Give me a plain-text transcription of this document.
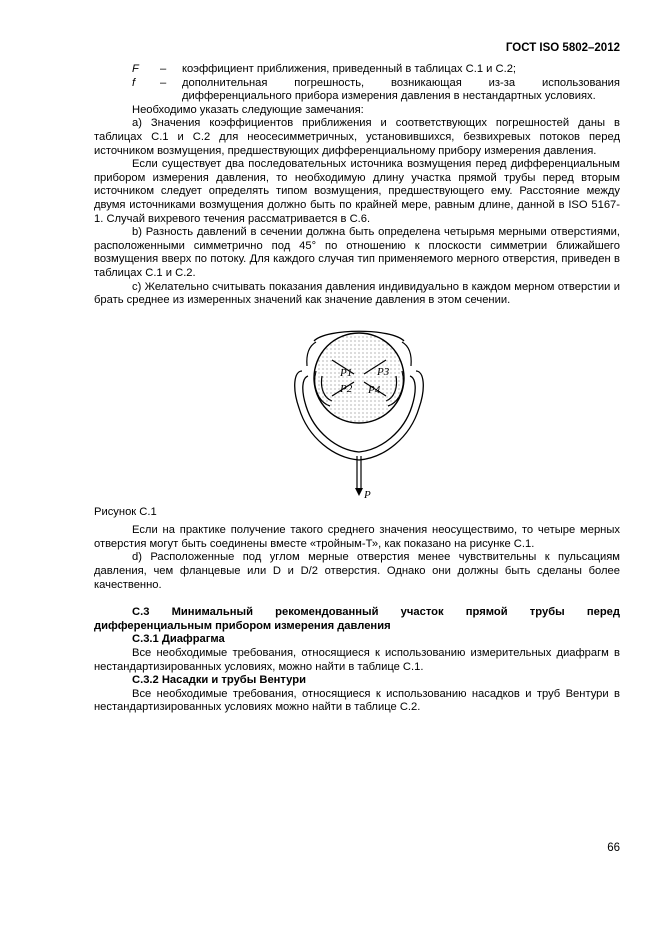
ГОСТ ISO 5802–2012
F	–	коэффициент приближения, приведенный в таблицах С.1 и С.2;
f	–	дополнительная погрешность, возникающая из-за использования дифференциального прибора измерения давления в нестандартных условиях.

Необходимо указать следующие замечания:

а) Значения коэффициентов приближения и соответствующих погрешностей даны в таблицах С.1 и С.2 для неосесимметричных, установившихся, безвихревых потоков перед источником возмущения, предшествующих дифференциальному прибору измерения давления.

Если существует два последовательных источника возмущения перед дифференциальным прибором измерения давления, то необходимую длину участка прямой трубы перед вторым источником следует определять типом возмущения, предшествующего ему. Расстояние между двумя источниками возмущения должно быть по крайней мере, равным длине, данной в ISO 5167-1. Случай вихревого течения рассматривается в С.6.

b) Разность давлений в сечении должна быть определена четырьмя мерными отверстиями, расположенными симметрично под 45° по отношению к плоскости симметрии ближайшего возмущения вверх по потоку. Для каждого случая тип применяемого мерного отверстия, приведен в таблицах С.1 и С.2.

с) Желательно считывать показания давления индивидуально в каждом мерном отверстии и брать среднее из измеренных значений как значение давления в этом сечении.

P1 P3
P2 P4
P

Рисунок С.1

Если на практике получение такого среднего значения неосуществимо, то четыре мерных отверстия могут быть соединены вместе «тройным-Т», как показано на рисунке С.1.

d) Расположенные под углом мерные отверстия менее чувствительны к пульсациям давления, чем фланцевые или D и D/2 отверстия. Однако они должны быть сделаны более качественно.

С.3 Минимальный рекомендованный участок прямой трубы перед дифференциальным прибором измерения давления

С.3.1 Диафрагма

Все необходимые требования, относящиеся к использованию измерительных диафрагм в нестандартизированных условиях, можно найти в таблице С.1.

С.3.2 Насадки и трубы Вентури

Все необходимые требования, относящиеся к использованию насадков и труб Вентури в нестандартизированных условиях можно найти в таблице С.2.

66
